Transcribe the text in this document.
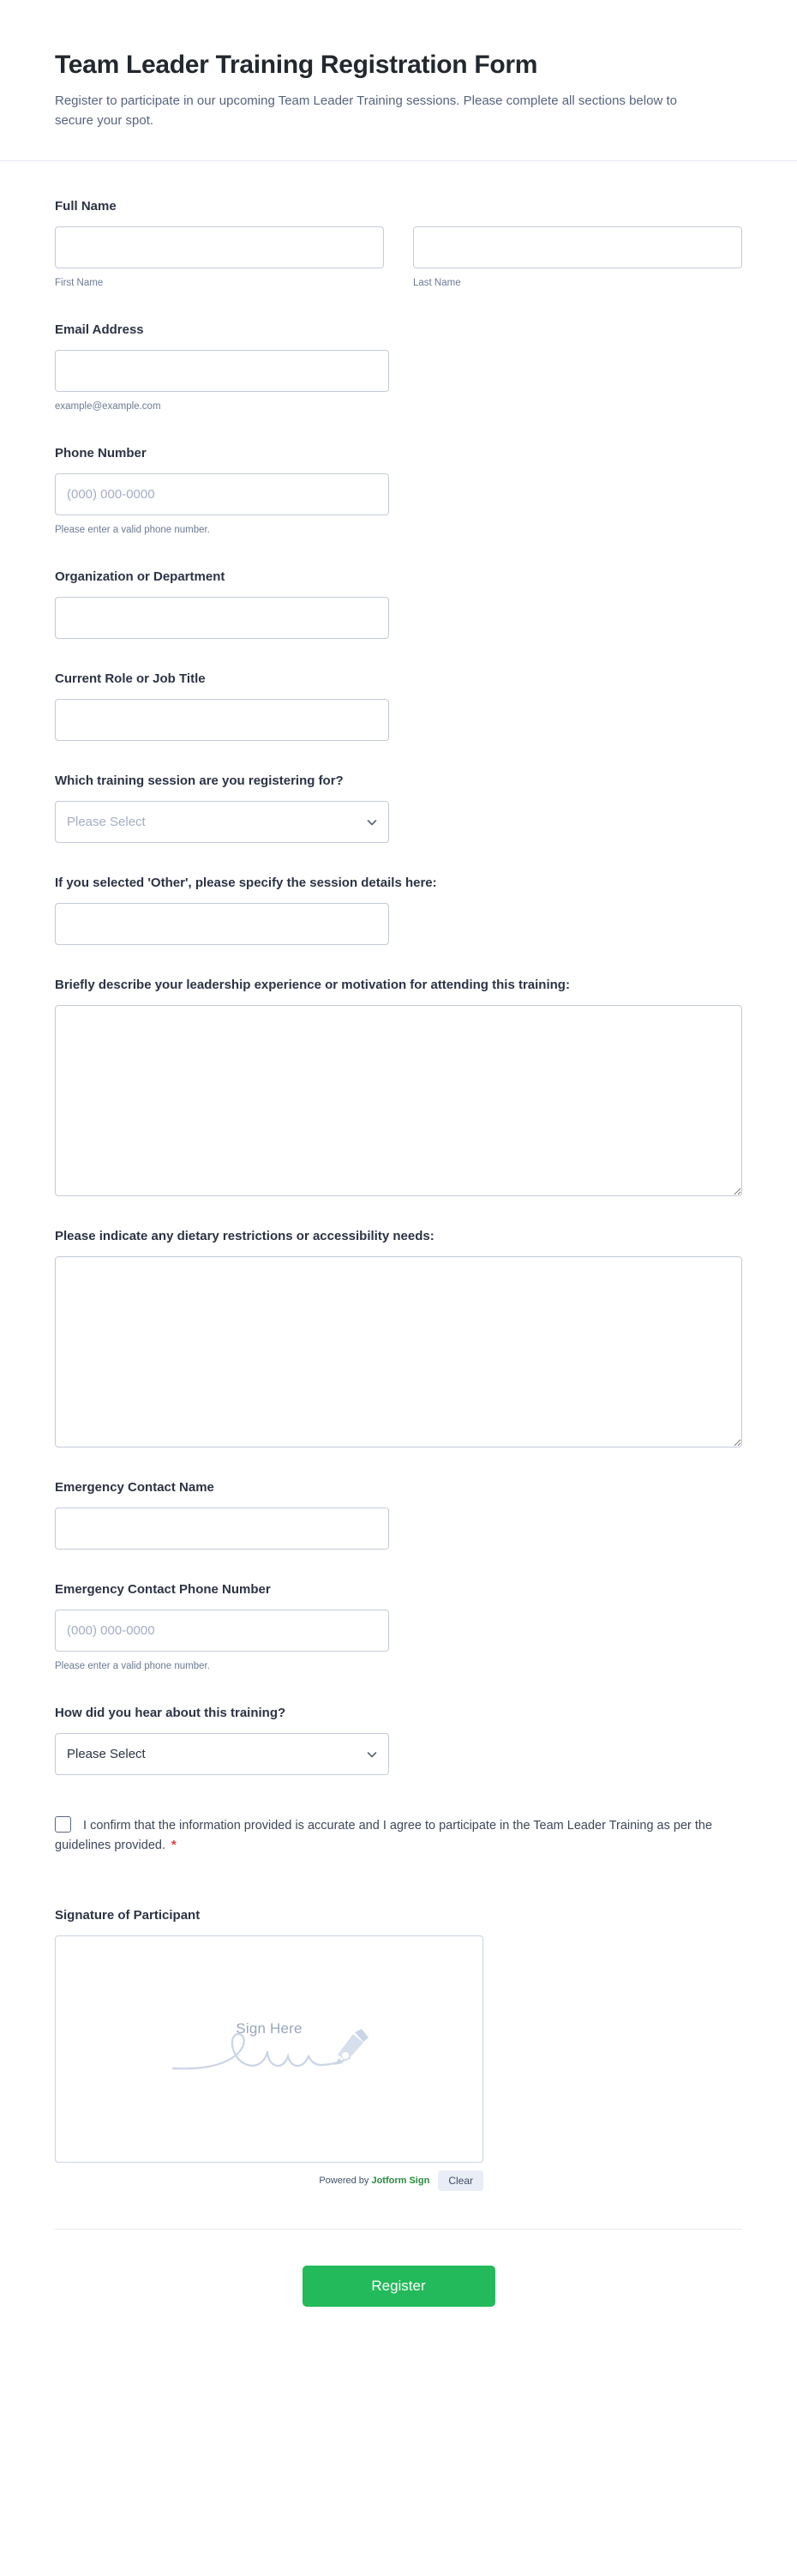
Team Leader Training Registration Form

Register to participate in our upcoming Team Leader Training sessions. Please complete all sections below to secure your spot.

Full Name
First Name	Last Name
Email Address
example@example.com
Phone Number
(000) 000-0000
Please enter a valid phone number.
Organization or Department
Current Role or Job Title
Which training session are you registering for?
Please Select
If you selected 'Other', please specify the session details here:
Briefly describe your leadership experience or motivation for attending this training:
Please indicate any dietary restrictions or accessibility needs:
Emergency Contact Name
Emergency Contact Phone Number
(000) 000-0000
Please enter a valid phone number.
How did you hear about this training?
Please Select
I confirm that the information provided is accurate and I agree to participate in the Team Leader Training as per the guidelines provided. *
Signature of Participant
Sign Here
Powered by Jotform Sign	Clear
Register
